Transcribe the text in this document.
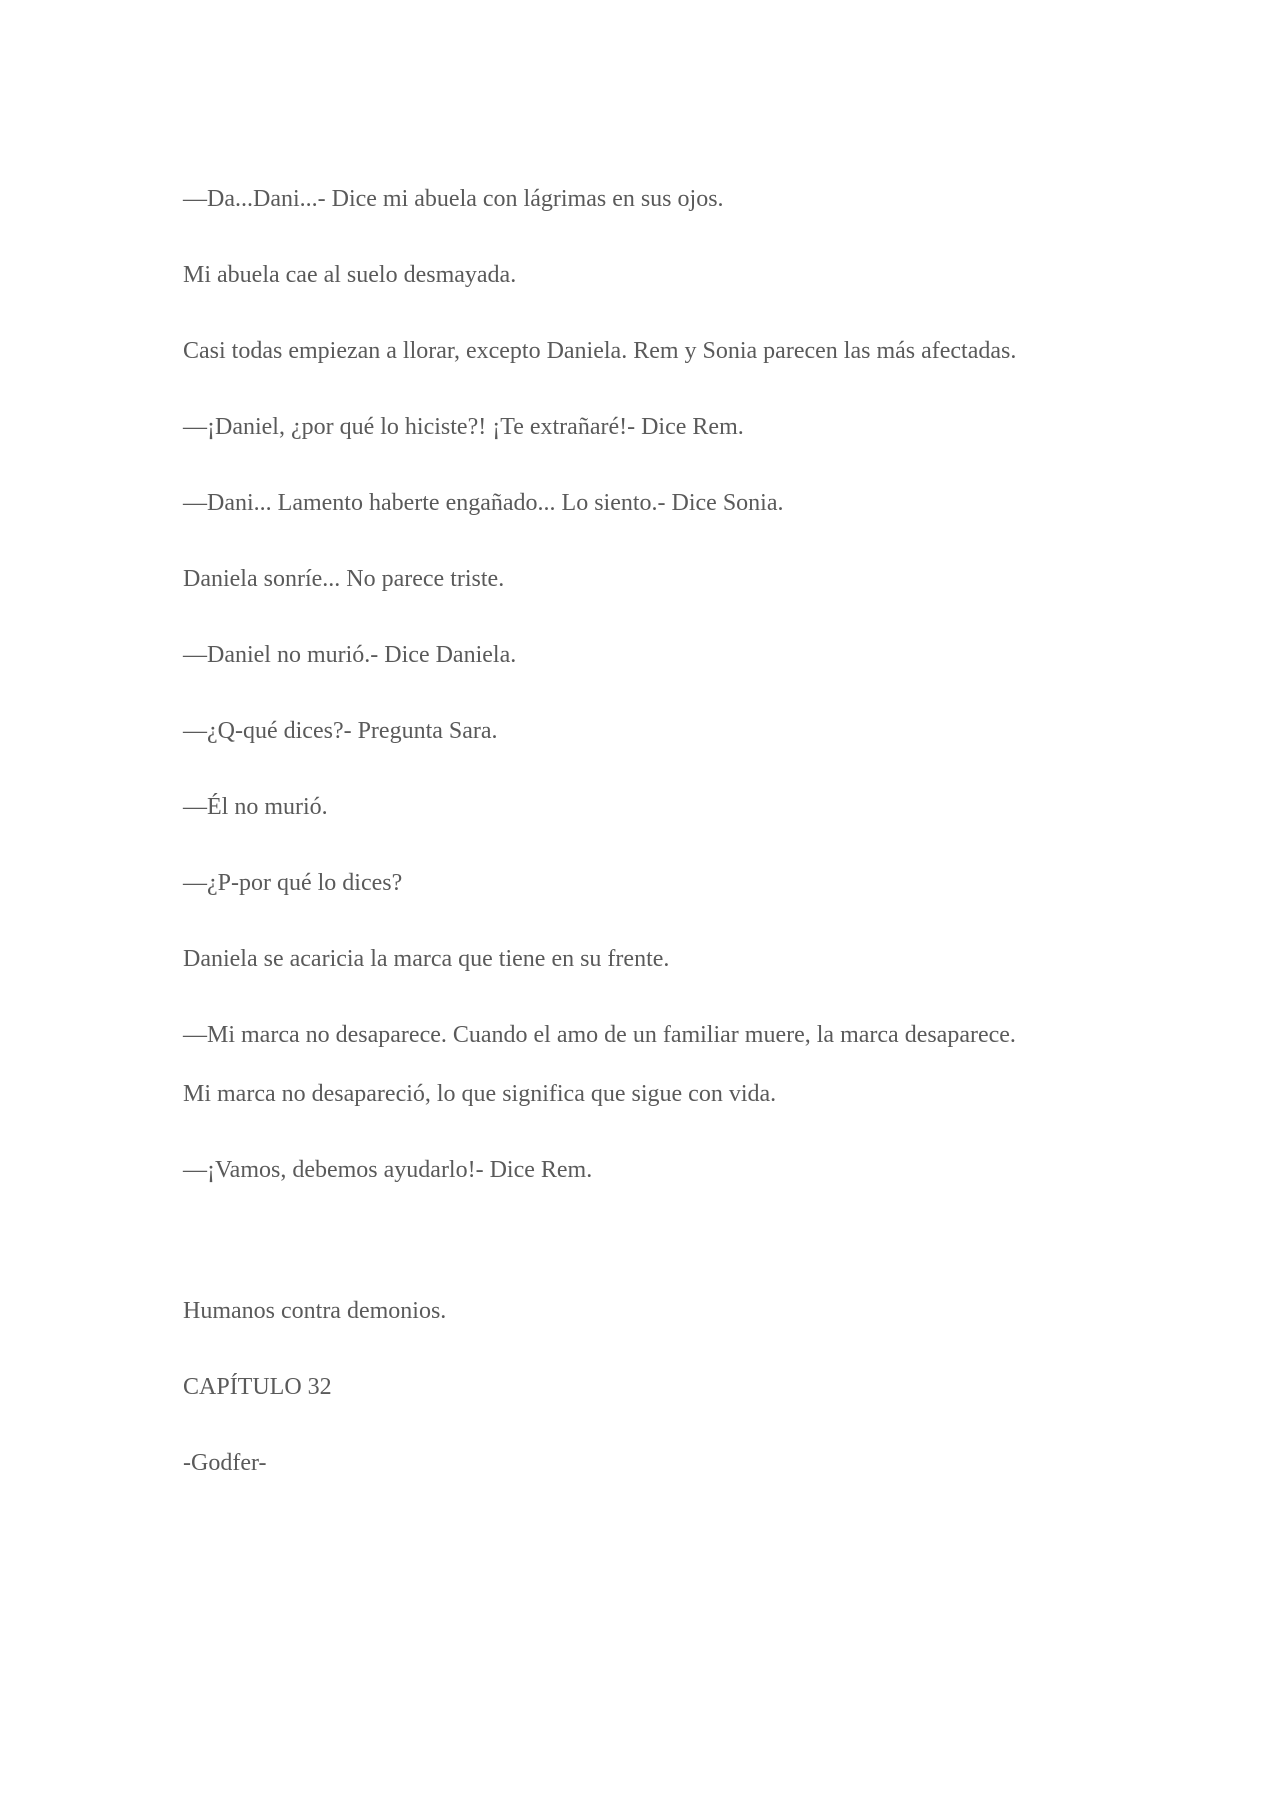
—Da...Dani...- Dice mi abuela con lágrimas en sus ojos.

Mi abuela cae al suelo desmayada.

Casi todas empiezan a llorar, excepto Daniela. Rem y Sonia parecen las más afectadas.

—¡Daniel, ¿por qué lo hiciste?! ¡Te extrañaré!- Dice Rem.

—Dani... Lamento haberte engañado... Lo siento.- Dice Sonia.

Daniela sonríe... No parece triste.

—Daniel no murió.- Dice Daniela.

—¿Q-qué dices?- Pregunta Sara.

—Él no murió.

—¿P-por qué lo dices?

Daniela se acaricia la marca que tiene en su frente.

—Mi marca no desaparece. Cuando el amo de un familiar muere, la marca desaparece.

Mi marca no desapareció, lo que significa que sigue con vida.

—¡Vamos, debemos ayudarlo!- Dice Rem.

Humanos contra demonios.

CAPÍTULO 32

-Godfer-
